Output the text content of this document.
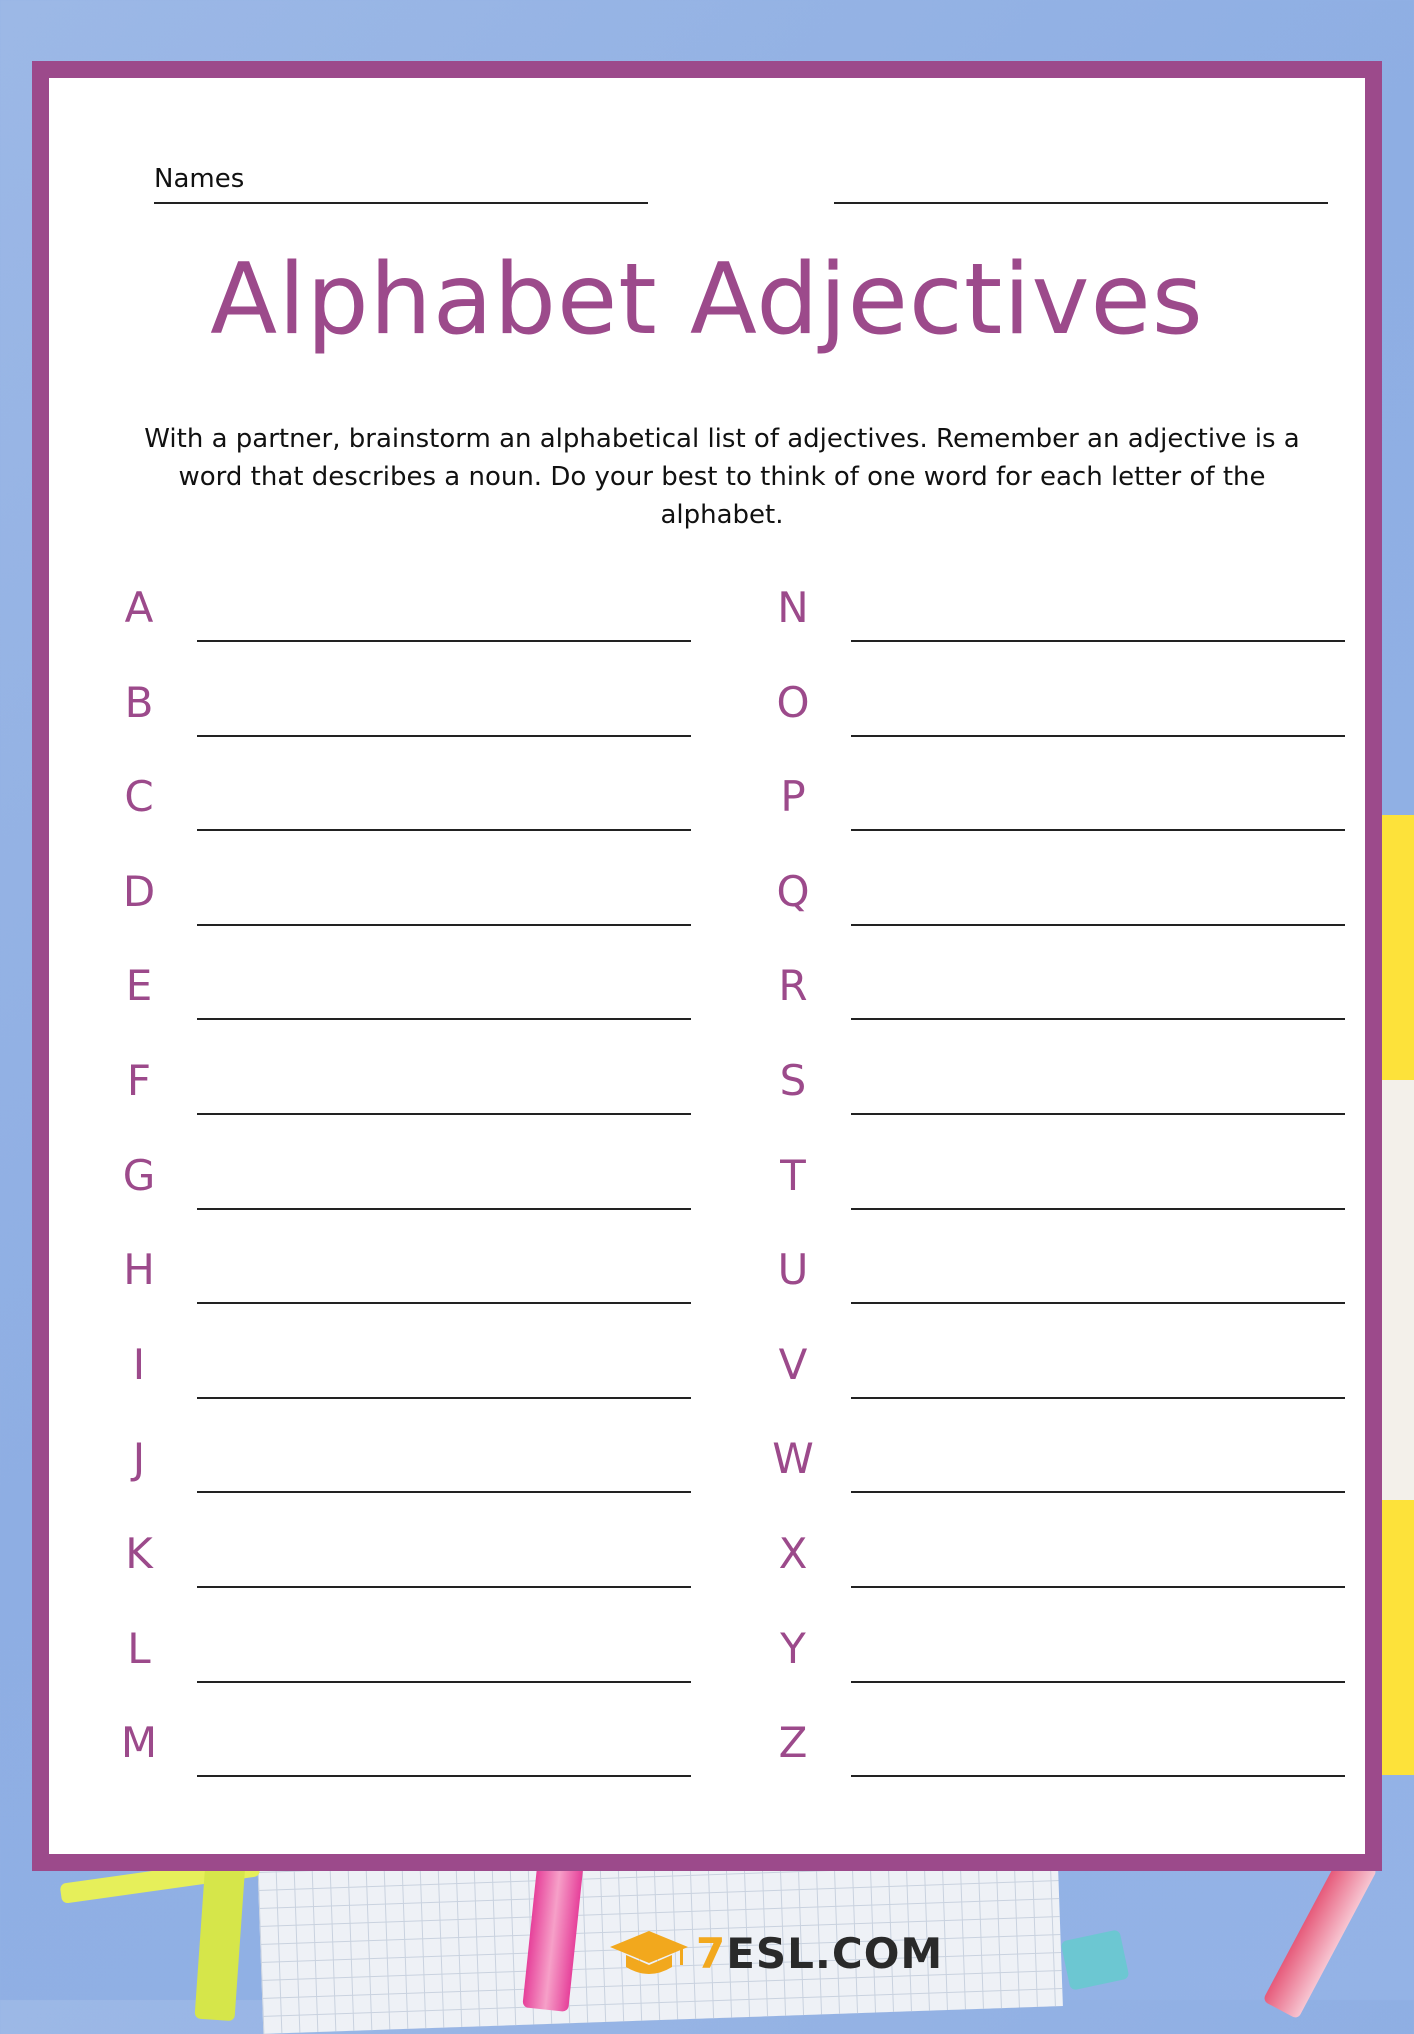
Names
Alphabet Adjectives
With a partner, brainstorm an alphabetical list of adjectives. Remember an adjective is a word that describes a noun. Do your best to think of one word for each letter of the alphabet.
A
B
C
D
E
F
G
H
I
J
K
L
M
N
O
P
Q
R
S
T
U
V
W
X
Y
Z
7ESL.COM
